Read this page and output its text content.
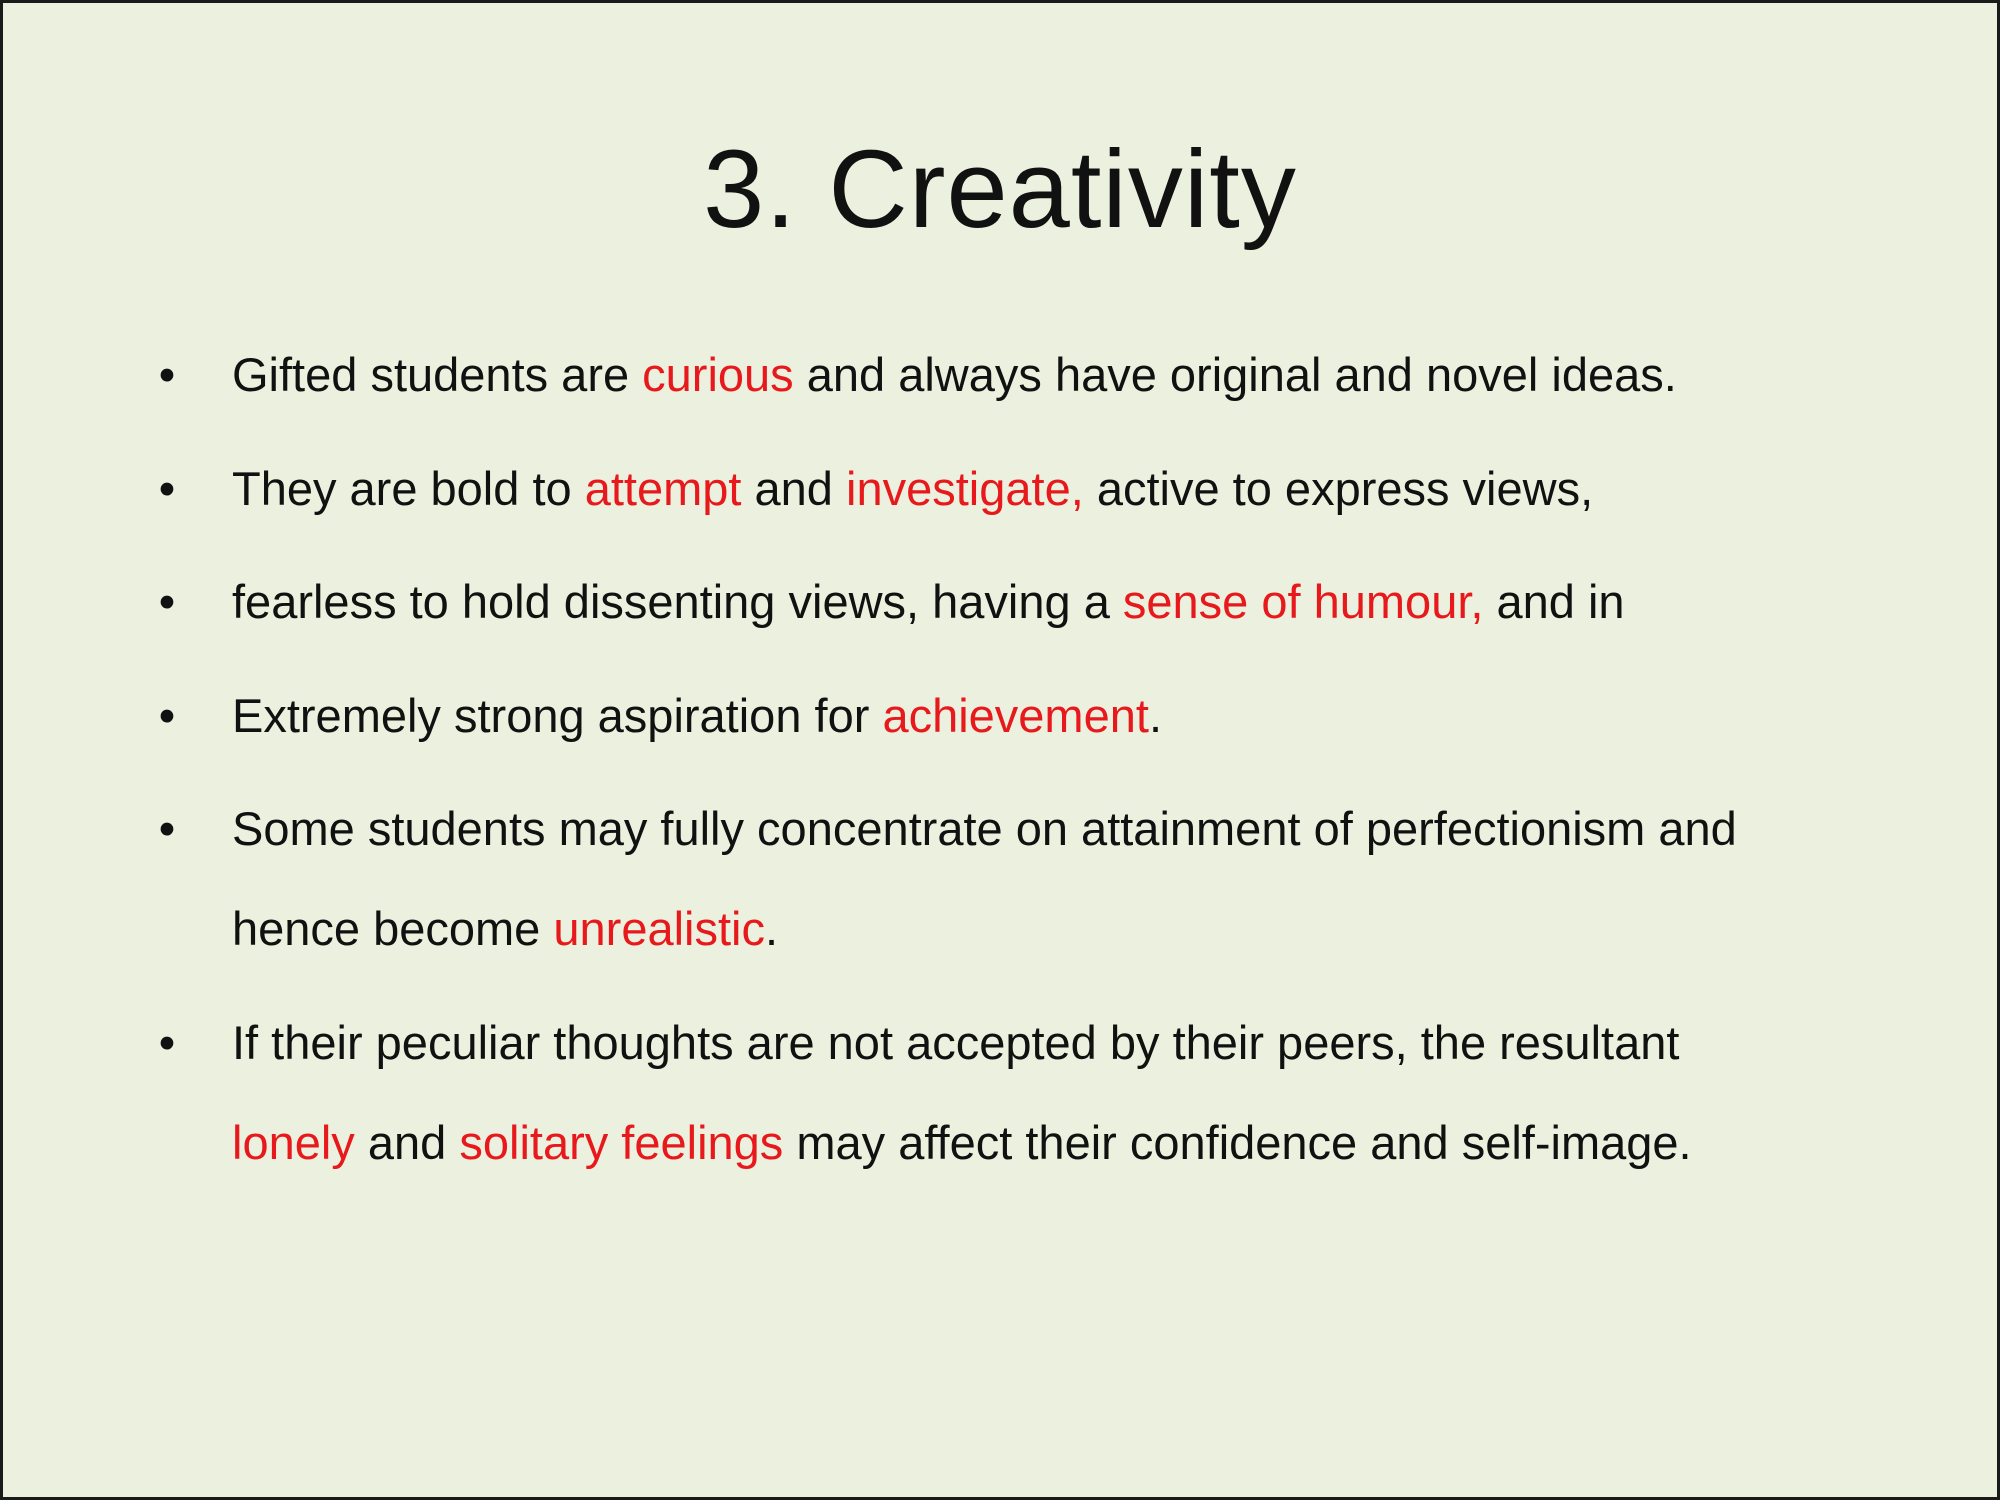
3. Creativity
• Gifted students are curious and always have original and novel ideas.
• They are bold to attempt and investigate, active to express views,
• fearless to hold dissenting views, having a sense of humour, and in
• Extremely strong aspiration for achievement.
• Some students may fully concentrate on attainment of perfectionism and
hence become unrealistic.
• If their peculiar thoughts are not accepted by their peers, the resultant
lonely and solitary feelings may affect their confidence and self-image.
